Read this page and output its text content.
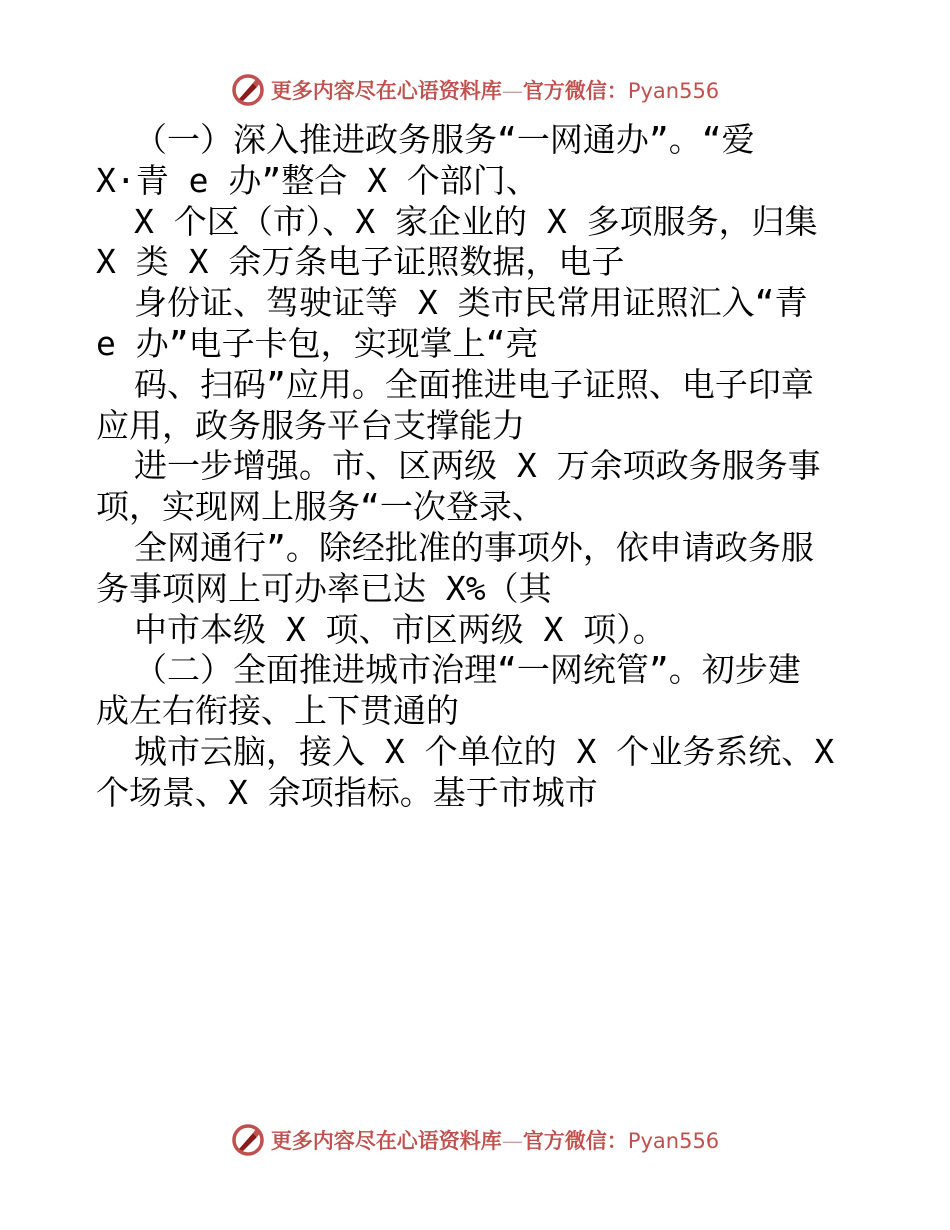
更多内容尽在心语资料库—官方微信：Pyan556
（一）深入推进政务服务“一网通办”。“爱
X·青 e 办”整合 X 个部门、
X 个区（市）、X 家企业的 X 多项服务，归集
X 类 X 余万条电子证照数据，电子
身份证、驾驶证等 X 类市民常用证照汇入“青
e 办”电子卡包，实现掌上“亮
码、扫码”应用。全面推进电子证照、电子印章
应用，政务服务平台支撑能力
进一步增强。市、区两级 X 万余项政务服务事
项，实现网上服务“一次登录、
全网通行”。除经批准的事项外，依申请政务服
务事项网上可办率已达 X%（其
中市本级 X 项、市区两级 X 项）。
（二）全面推进城市治理“一网统管”。初步建
成左右衔接、上下贯通的
城市云脑，接入 X 个单位的 X 个业务系统、X
个场景、X 余项指标。基于市城市
更多内容尽在心语资料库—官方微信：Pyan556
